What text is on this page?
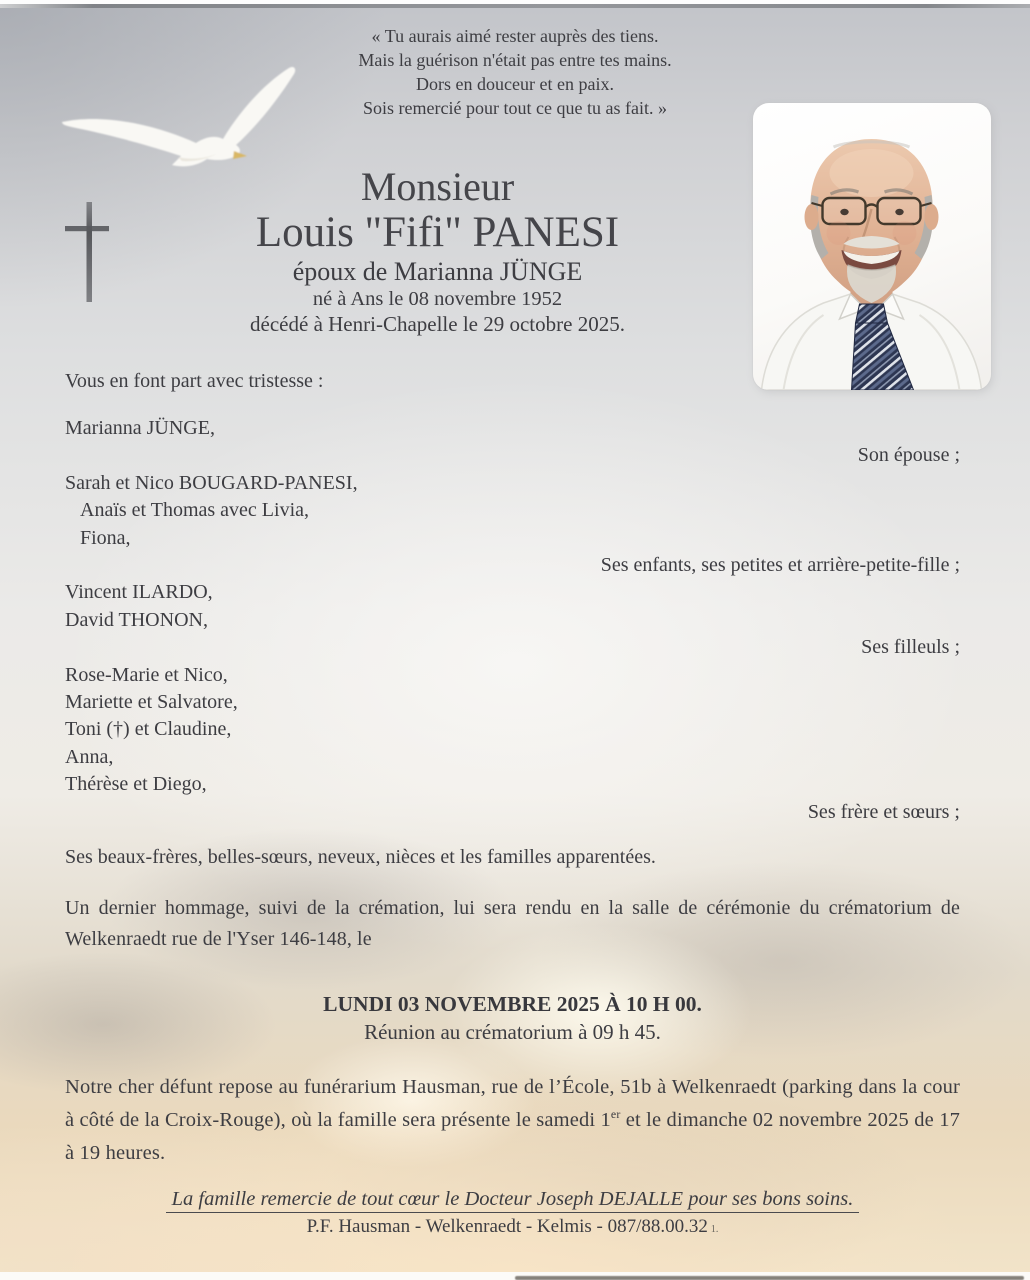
« Tu aurais aimé rester auprès des tiens.
Mais la guérison n'était pas entre tes mains.
Dors en douceur et en paix.
Sois remercié pour tout ce que tu as fait. »
Monsieur
Louis "Fifi" PANESI
époux de Marianna JÜNGE
né à Ans le 08 novembre 1952
décédé à Henri-Chapelle le 29 octobre 2025.
Vous en font part avec tristesse :
Marianna JÜNGE,
Son épouse ;
Sarah et Nico BOUGARD-PANESI,
Anaïs et Thomas avec Livia,
Fiona,
Ses enfants, ses petites et arrière-petite-fille ;
Vincent ILARDO,
David THONON,
Ses filleuls ;
Rose-Marie et Nico,
Mariette et Salvatore,
Toni (†) et Claudine,
Anna,
Thérèse et Diego,
Ses frère et sœurs ;
Ses beaux-frères, belles-sœurs, neveux, nièces et les familles apparentées.

Un dernier hommage, suivi de la crémation, lui sera rendu en la salle de cérémonie du crématorium de Welkenraedt rue de l'Yser 146-148, le

LUNDI 03 NOVEMBRE 2025 À 10 H 00.
Réunion au crématorium à 09 h 45.

Notre cher défunt repose au funérarium Hausman, rue de l’École, 51b à Welkenraedt (parking dans la cour à côté de la Croix-Rouge), où la famille sera présente le samedi 1er et le dimanche 02 novembre 2025 de 17 à 19 heures.

La famille remercie de tout cœur le Docteur Joseph DEJALLE pour ses bons soins.
P.F. Hausman - Welkenraedt - Kelmis - 087/88.00.32 1.
